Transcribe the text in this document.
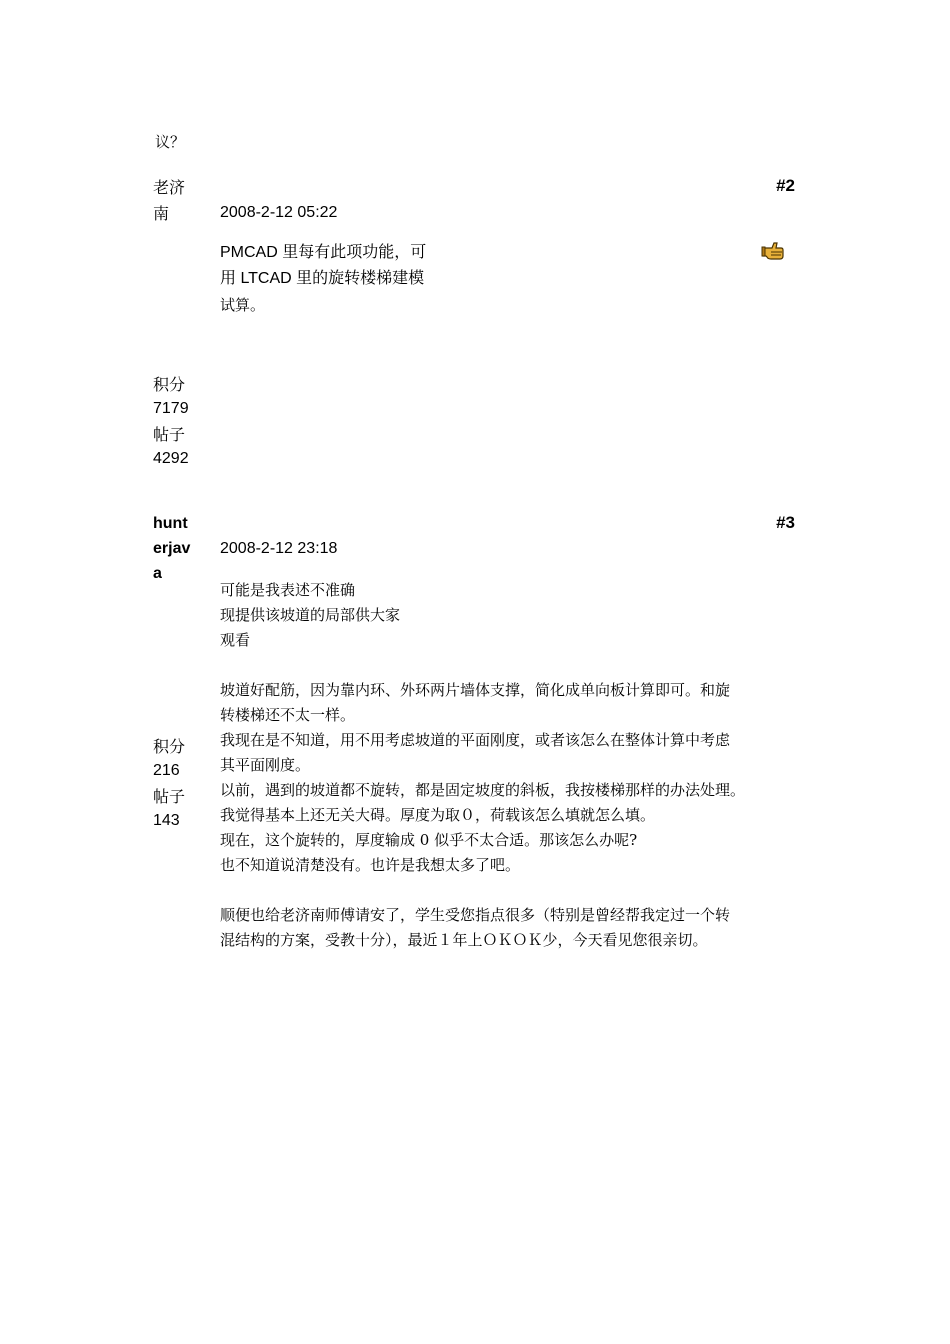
议？
老济
南
#2
2008-2-12 05:22
PMCAD 里每有此项功能，可
用 LTCAD 里的旋转楼梯建模
试算。
积分
7179
帖子
4292
hunt
erjav
a
#3
2008-2-12 23:18
可能是我表述不准确
现提供该坡道的局部供大家
观看
坡道好配筋，因为靠内环、外环两片墙体支撑，简化成单向板计算即可。和旋
转楼梯还不太一样。
我现在是不知道，用不用考虑坡道的平面刚度，或者该怎么在整体计算中考虑
其平面刚度。
以前，遇到的坡道都不旋转，都是固定坡度的斜板，我按楼梯那样的办法处理。
我觉得基本上还无关大碍。厚度为取０，荷载该怎么填就怎么填。
现在，这个旋转的，厚度输成 0 似乎不太合适。那该怎么办呢?
也不知道说清楚没有。也许是我想太多了吧。
顺便也给老济南师傅请安了，学生受您指点很多（特别是曾经帮我定过一个转
混结构的方案，受教十分），最近１年上ＯＫＯＫ少，今天看见您很亲切。
积分
216
帖子
143
